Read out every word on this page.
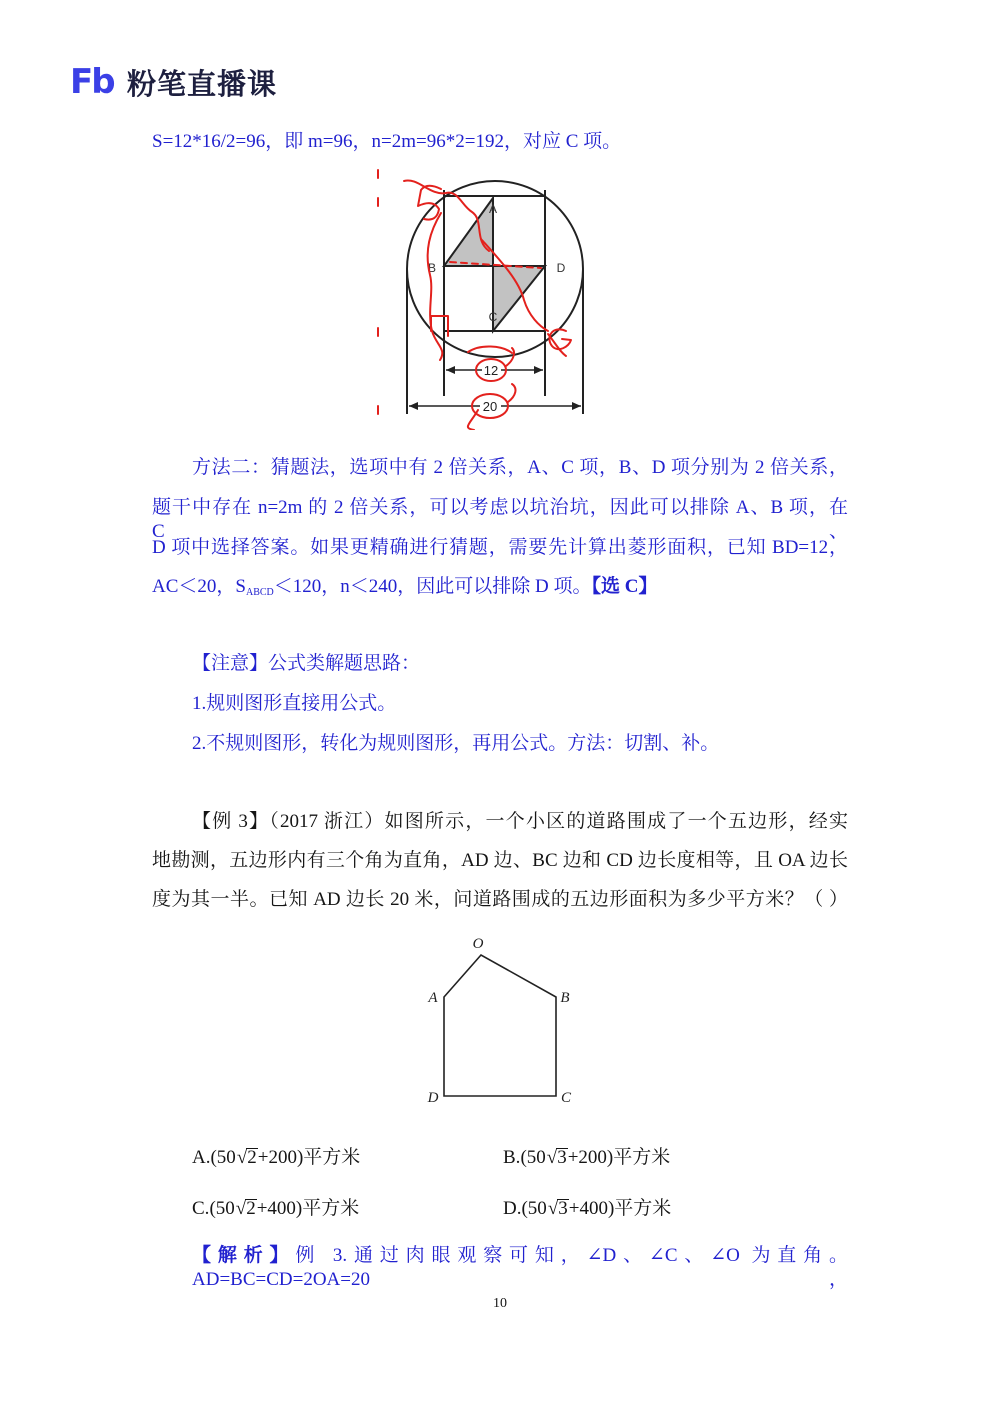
Fb 粉笔直播课
S=12*16/2=96，即 m=96，n=2m=96*2=192，对应 C 项。
12
20
A
B	D
C
方法二：猜题法，选项中有 2 倍关系，A、C 项，B、D 项分别为 2 倍关系，
题干中存在 n=2m 的 2 倍关系，可以考虑以坑治坑，因此可以排除 A、B 项，在 C、
D 项中选择答案。如果更精确进行猜题，需要先计算出菱形面积，已知 BD=12，
AC＜20，$S_{ABCD}<120$，n＜240，因此可以排除 D 项。【选 C】
【注意】公式类解题思路：
1.规则图形直接用公式。
2.不规则图形，转化为规则图形，再用公式。方法：切割、补。
【例 3】（2017 浙江）如图所示，一个小区的道路围成了一个五边形，经实
地勘测，五边形内有三个角为直角，AD 边、BC 边和 CD 边长度相等，且 OA 边长
度为其一半。已知 AD 边长 20 米，问道路围成的五边形面积为多少平方米？（ ）
O
A	B
D	C
A.(50√2+200)平方米	B.(50√3+200)平方米
C.(50√2+400)平方米	D.(50√3+400)平方米
【解析】例 3.通过肉眼观察可知，∠D、∠C、∠O 为直角。AD=BC=CD=2OA=20，
10
